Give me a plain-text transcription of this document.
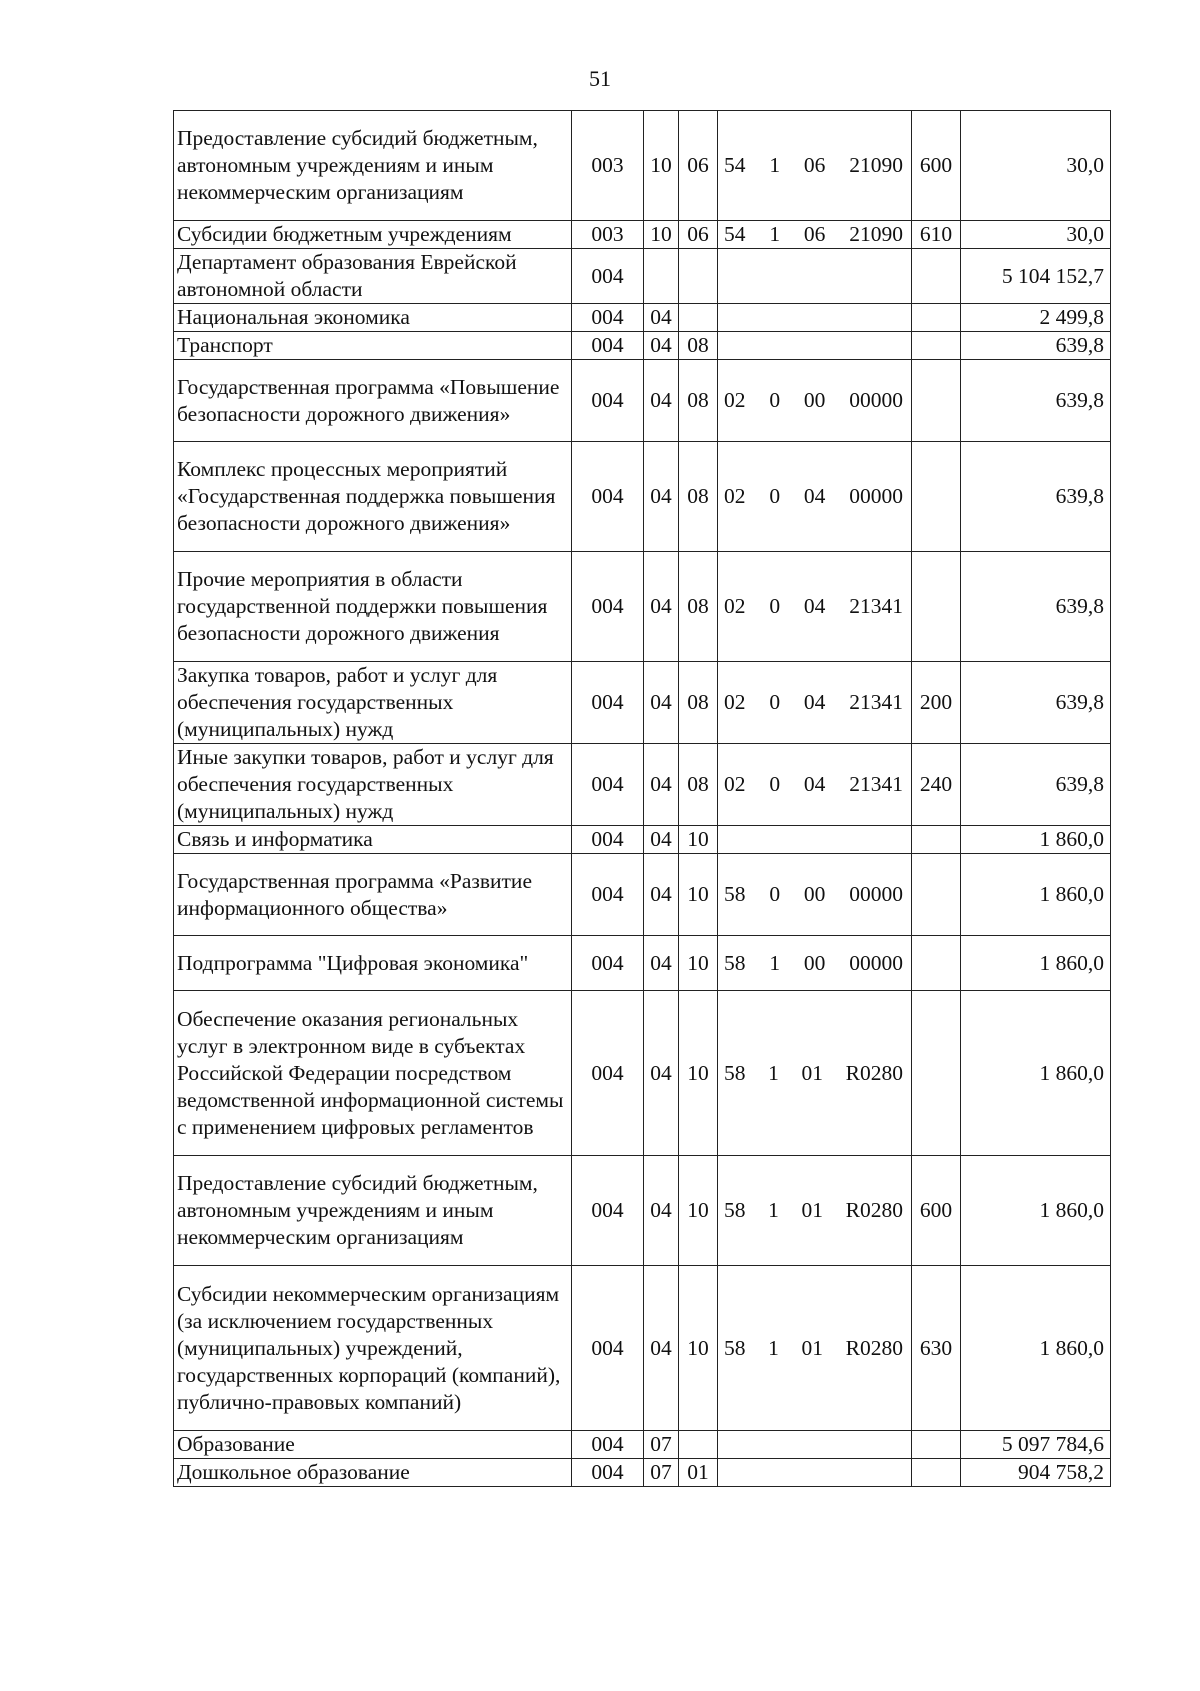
51
Предоставление субсидий бюджетным, автономным учреждениям и иным некоммерческим организациям	003	10	06	54 1 06 21090	600	30,0
Субсидии бюджетным учреждениям	003	10	06	54 1 06 21090	610	30,0
Департамент образования Еврейской автономной области	004					5 104 152,7
Национальная экономика	004	04				2 499,8
Транспорт	004	04	08			639,8
Государственная программа «Повышение безопасности дорожного движения»	004	04	08	02 0 00 00000		639,8
Комплекс процессных мероприятий «Государственная поддержка повышения безопасности дорожного движения»	004	04	08	02 0 04 00000		639,8
Прочие мероприятия в области государственной поддержки повышения безопасности дорожного движения	004	04	08	02 0 04 21341		639,8
Закупка товаров, работ и услуг для обеспечения государственных (муниципальных) нужд	004	04	08	02 0 04 21341	200	639,8
Иные закупки товаров, работ и услуг для обеспечения государственных (муниципальных) нужд	004	04	08	02 0 04 21341	240	639,8
Связь и информатика	004	04	10			1 860,0
Государственная программа «Развитие информационного общества»	004	04	10	58 0 00 00000		1 860,0
Подпрограмма "Цифровая экономика"	004	04	10	58 1 00 00000		1 860,0
Обеспечение оказания региональных услуг в электронном виде в субъектах Российской Федерации посредством ведомственной информационной системы с применением цифровых регламентов	004	04	10	58 1 01 R0280		1 860,0
Предоставление субсидий бюджетным, автономным учреждениям и иным некоммерческим организациям	004	04	10	58 1 01 R0280	600	1 860,0
Субсидии некоммерческим организациям (за исключением государственных (муниципальных) учреждений, государственных корпораций (компаний), публично-правовых компаний)	004	04	10	58 1 01 R0280	630	1 860,0
Образование	004	07				5 097 784,6
Дошкольное образование	004	07	01			904 758,2
